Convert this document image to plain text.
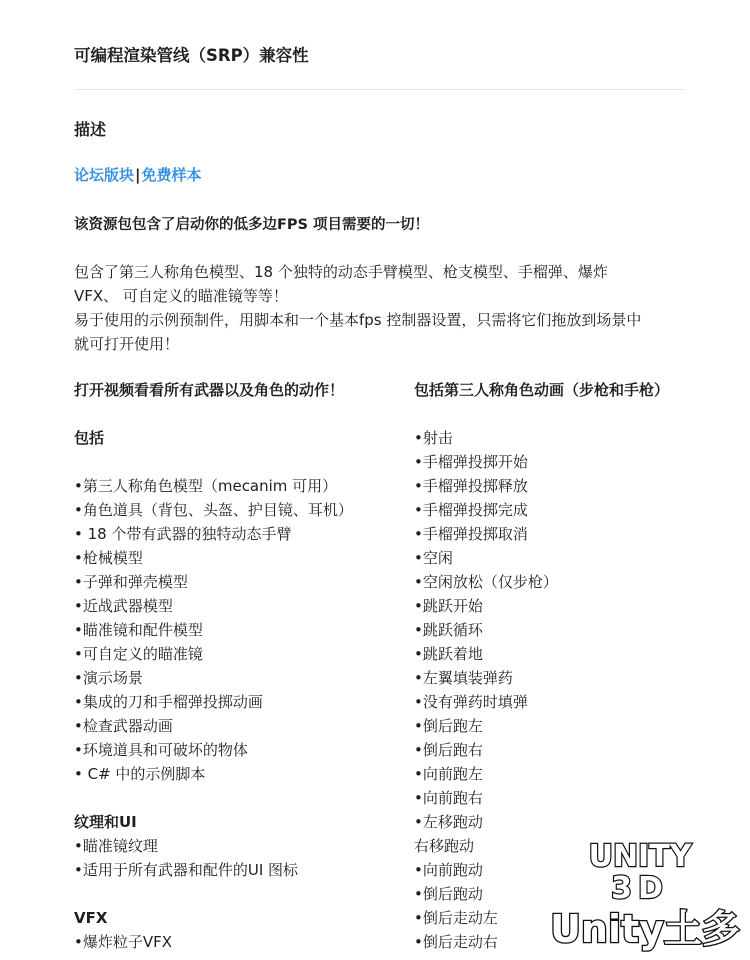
可编程渲染管线（SRP）兼容性
描述
论坛版块|免费样本
该资源包包含了启动你的低多边FPS 项目需要的一切！
包含了第三人称角色模型、18 个独特的动态手臂模型、枪支模型、手榴弹、爆炸
VFX、 可自定义的瞄准镜等等！
易于使用的示例预制件，用脚本和一个基本fps 控制器设置，只需将它们拖放到场景中
就可打开使用！
打开视频看看所有武器以及角色的动作！
包括
•第三人称角色模型（mecanim 可用）
•角色道具（背包、头盔、护目镜、耳机）
• 18 个带有武器的独特动态手臂
•枪械模型
•子弹和弹壳模型
•近战武器模型
•瞄准镜和配件模型
•可自定义的瞄准镜
•演示场景
•集成的刀和手榴弹投掷动画
•检查武器动画
•环境道具和可破坏的物体
• C# 中的示例脚本
纹理和UI
•瞄准镜纹理
•适用于所有武器和配件的UI 图标
VFX
•爆炸粒子VFX
包括第三人称角色动画（步枪和手枪）
•射击
•手榴弹投掷开始
•手榴弹投掷释放
•手榴弹投掷完成
•手榴弹投掷取消
•空闲
•空闲放松（仅步枪）
•跳跃开始
•跳跃循环
•跳跃着地
•左翼填装弹药
•没有弹药时填弹
•倒后跑左
•倒后跑右
•向前跑左
•向前跑右
•左移跑动
右移跑动
•向前跑动
•倒后跑动
•倒后走动左
•倒后走动右
UNITY
3D
Unity土多
